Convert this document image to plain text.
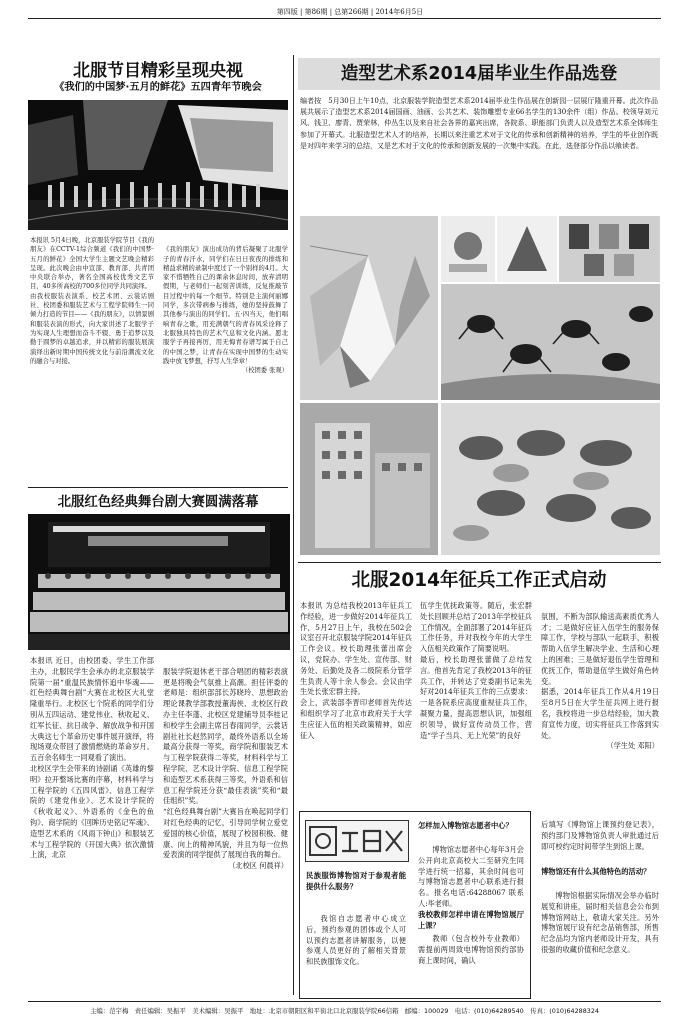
第四版 | 第86期 | 总第266期 | 2014年6月5日
北服节目精彩呈现央视
《我们的中国梦·五月的鲜花》五四青年节晚会
本报讯 5月4日晚，北京服装学院节目《我的朋友》在CCTV-1综合频道《我们的中国梦·五月的鲜花》全国大学生主题文艺晚会精彩呈现。此次晚会由中宣部、教育部、共青团中央联合举办，著名全国高校优秀文艺节目，40多所高校的700多位同学共同演绎。
由我校服装表演系、校艺术团、云裳话剧社、校团委和服装艺术与工程学院师生一同倾力打造的节目——《我的朋友》，以情景剧和服装表演的形式，向大家讲述了北服学子为实现人生理想而奋斗不辍、勇于追梦以及勤于圆梦的卓越追求，并以精彩的服装展演演绎出新时期中国传统文化与前沿潮流文化的融合与对接。

《我的朋友》演出成功的背后凝聚了北服学子的青春汗水，同学们在日日夜夜的排练和精益求精的录制中度过了一个别样的4月。大家不惜牺牲自己的课余休息时间，放弃清明假期，与老师们一起刻苦训练，反复推敲节目过程中的每一个细节。特别是主演何丽娜同学，多次带病参与排练，她的坚持鼓舞了其他参与演出的同学们。五·四当天，他们唱响青春之歌，用充满朝气的青春风采诠释了北服独具特色的艺术气息和文化内涵。愿北服学子再接再厉，用无悔青春谱写属于自己的中国之梦，让青春在实现中国梦的生动实践中放飞梦想，抒写人生华章！

（校团委 张观）

北服红色经典舞台剧大赛圆满落幕
本报讯 近日，由校团委、学生工作部主办，北服民学生会承办的北京服装学院第一届“重温民族情怀追中华魂——红色经典舞台剧”大赛在北校区大礼堂隆重举行。北校区七个院系的同学们分别从五四运动、建党伟业、秋收起义、红军长征、抗日战争、解放战争和开国大典这七个革命历史事件展开演绎，将现场观众带回了激情燃烧的革命岁月。五百余名师生一同观看了演出。
北校区学生会带来的诗剧诵《英雄的黎明》拉开整场比赛的序幕，材料科学与工程学院的《五四风雷》、信息工程学院的《建党伟业》、艺术设计学院的《秋收起义》、外语系的《金色的鱼钩》、商学院的《回眸历史铭记军魂》、造型艺术系的《风雨下钟山》和服装艺术与工程学院的《开国大典》依次激情上演，北京

服装学院退休老干部合唱团的精彩表演更是将晚会气氛推上高潮。担任评委的老师是：组织部部长苏晓玲、思想政治理论课教学部教授董海侠、北校区行政办主任李蓬、北校区党建辅导员李桂记和校学生会副主席吕春雨同学，云裳话剧社社长赵然同学，最终外语系以全场最高分获得一等奖，商学院和服装艺术与工程学院获得二等奖，材料科学与工程学院、艺术设计学院、信息工程学院和造型艺术系获得三等奖，外语系和信息工程学院还分获“最佳表演”奖和“最佳组织”奖。
“红色经典舞台剧”大赛旨在唤起同学们对红色经典的记忆，引导同学树立爱党爱国的核心价值，展现了校园积极、健康、向上的精神风貌，并且为每一位热爱表演的同学提供了展现自我的舞台。

（北校区 何晨祥）

造型艺术系2014届毕业生作品选登
编者按　5月30日上午10点，北京服装学院造型艺术系2014届毕业生作品展在创新园一层展厅隆重开幕。此次作品展共展示了造型艺术系2014届国画、油画、公共艺术、装饰雕塑专业66名学生的130余件（组）作品。校领导刘元风、钱卫、廖青、贾荣林，仲丛生以及来自社会各界的嘉宾出席，各院系、职能部门负责人以及造型艺术系全体师生参加了开幕式。北服造型艺术人才的培养，长期以来注重艺术对于文化的传承和创新精神的培养，学生的毕业创作既是对四年来学习的总结，又是艺术对于文化的传承和创新发展的一次集中实践。在此，选登部分作品以飨读者。
北服2014年征兵工作正式启动
本报讯 为总结我校2013年征兵工作经验，进一步做好2014年征兵工作，5月27日上午，我校在502会议室召开北京服装学院2014年征兵工作会议。校长助理张蕾出席会议，党院办、学生处、宣传部、财务处、后勤处及各二级院系分管学生负责人等十余人参会。会议由学生处长张宏群主持。
会上，武装部李晋印老师首先传达和组织学习了北京市政府关于大学生应征入伍的相关政策精神，如应征入
伍学生优抚政策等。随后，张宏群处长回顾并总结了2013年学校征兵工作情况，全面部署了2014年征兵工作任务，并对我校今年的大学生入伍相关政策作了简要说明。
最后，校长助理张蕾做了总结发言。他首先肯定了我校2013年的征兵工作，并转达了党委副书记朱先好对2014年征兵工作的三点要求：一是各院系应高度重视征兵工作，凝聚力量，提高思想认识，加强组织领导，做好宣传动员工作，营造“学子当兵、无上光荣”的良好

氛围，不断为部队输送高素质优秀人才；二是做好应征入伍学生的服务保障工作，学校与部队一起联手，积极帮助入伍学生解决学业、生活和心理上的困难；三是做好退伍学生管理和优抚工作，帮助退伍学生做好角色转变。
据悉，2014年征兵工作从4月19日至8月5日在大学生征兵网上进行报名，我校将进一步总结经验，加大教育宣传力度，切实将征兵工作落到实处。

（学生处 邓阳）

民族服饰博物馆对于参观者能提供什么服务？
我馆自志愿者中心成立后，预约参观的团体或个人可以预约志愿者讲解服务，以便参观人员更好的了解相关背景和民族服饰文化。
怎样加入博物馆志愿者中心？
博物馆志愿者中心每年3月会公开向北京高校大二至研究生同学进行统一招募，其余时间也可与博物馆志愿者中心联系进行报名。报名电话:64288067 联系人:毕老师。
我校教师怎样申请在博物馆展厅上课？
教师（包含校外专业教师）需提前两周致电博物馆预约部协商上课时间，确认
后填写《博物馆上课预约登记表》，预约部门及博物馆负责人审批通过后即可校约定时间带学生到馆上课。
博物馆还有什么其他特色的活动？
博物馆根据实际情况会举办临时展览和讲座，届时相关信息会公布到博物馆网站上，敬请大家关注。另外博物馆展厅设有纪念品销售部，所售纪念品均为馆内老师设计开发，具有很强的收藏价值和纪念意义。
主编：范宇梅　责任编辑：吴振平　美术编辑：吴振平　地址：北京市朝阳区和平街北口北京服装学院66信箱　邮编：100029　电话：(010)64289540　传真：(010)64288324
